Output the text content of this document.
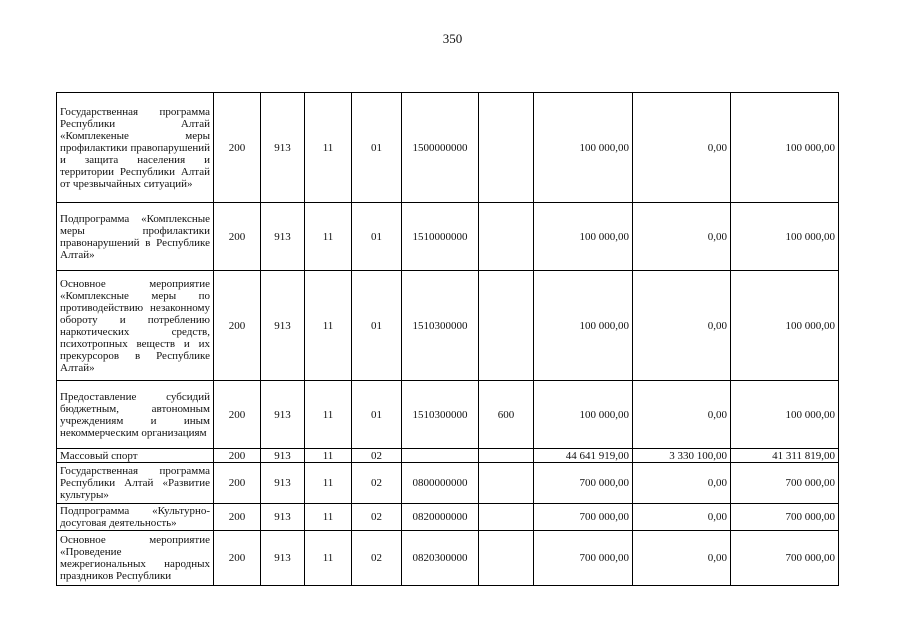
350
Государственная программа Республики Алтай «Комплекеные меры профилактики правопарушений и защита населения и территории Республики Алтай от чрезвычайных ситуаций»	200	913	11	01	1500000000		100 000,00	0,00	100 000,00
Подпрограмма «Комплексные меры профилактики правонарушений в Республике Алтай»	200	913	11	01	1510000000		100 000,00	0,00	100 000,00
Основное мероприятие «Комплексные меры по противодействию незаконному обороту и потреблению наркотических средств, психотропных веществ и их прекурсоров в Республике Алтай»	200	913	11	01	1510300000		100 000,00	0,00	100 000,00
Предоставление субсидий бюджетным, автономным учреждениям и иным некоммерческим организациям	200	913	11	01	1510300000	600	100 000,00	0,00	100 000,00
Массовый спорт	200	913	11	02			44 641 919,00	3 330 100,00	41 311 819,00
Государственная программа Республики Алтай «Развитие культуры»	200	913	11	02	0800000000		700 000,00	0,00	700 000,00
Подпрограмма «Культурно-досуговая деятельность»	200	913	11	02	0820000000		700 000,00	0,00	700 000,00
Основное мероприятие «Проведение межрегиональных народных праздников Республики	200	913	11	02	0820300000		700 000,00	0,00	700 000,00
